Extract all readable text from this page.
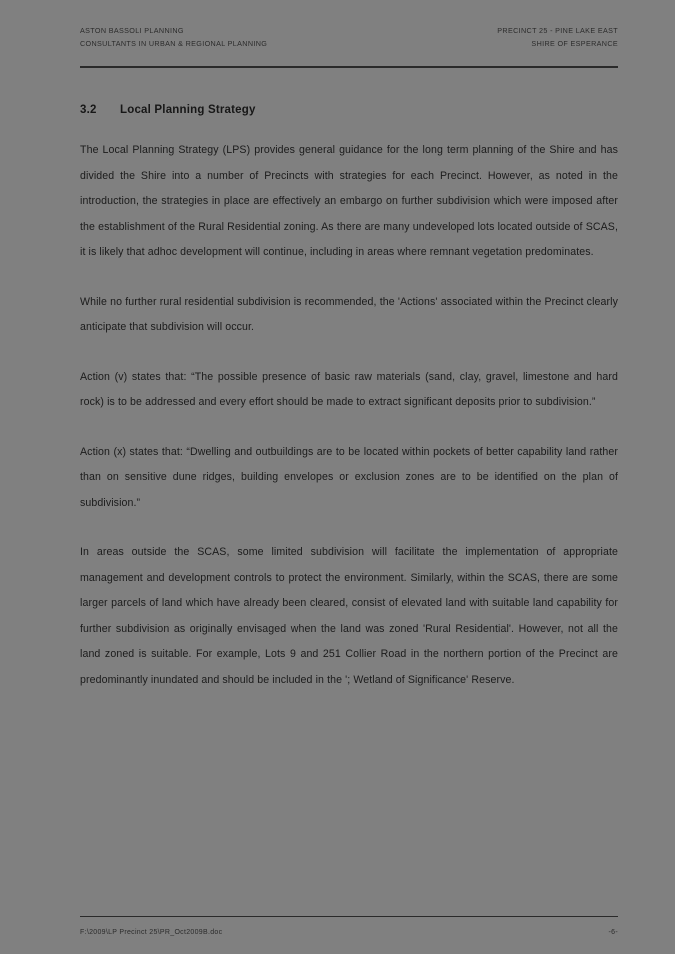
ASTON BASSOLI PLANNING
CONSULTANTS IN URBAN & REGIONAL PLANNING
PRECINCT 25 - PINE LAKE EAST
SHIRE OF ESPERANCE
3.2 Local Planning Strategy

The Local Planning Strategy (LPS) provides general guidance for the long term planning of the Shire and has divided the Shire into a number of Precincts with strategies for each Precinct. However, as noted in the introduction, the strategies in place are effectively an embargo on further subdivision which were imposed after the establishment of the Rural Residential zoning. As there are many undeveloped lots located outside of SCAS, it is likely that adhoc development will continue, including in areas where remnant vegetation predominates.

While no further rural residential subdivision is recommended, the 'Actions' associated within the Precinct clearly anticipate that subdivision will occur.

Action (v) states that: “The possible presence of basic raw materials (sand, clay, gravel, limestone and hard rock) is to be addressed and every effort should be made to extract significant deposits prior to subdivision.”

Action (x) states that: “Dwelling and outbuildings are to be located within pockets of better capability land rather than on sensitive dune ridges, building envelopes or exclusion zones are to be identified on the plan of subdivision.”

In areas outside the SCAS, some limited subdivision will facilitate the implementation of appropriate management and development controls to protect the environment. Similarly, within the SCAS, there are some larger parcels of land which have already been cleared, consist of elevated land with suitable land capability for further subdivision as originally envisaged when the land was zoned 'Rural Residential'. However, not all the land zoned is suitable. For example, Lots 9 and 251 Collier Road in the northern portion of the Precinct are predominantly inundated and should be included in the '; Wetland of Significance' Reserve.

F:\2009\LP Precinct 25\PR_Oct2009B.doc	-6-
